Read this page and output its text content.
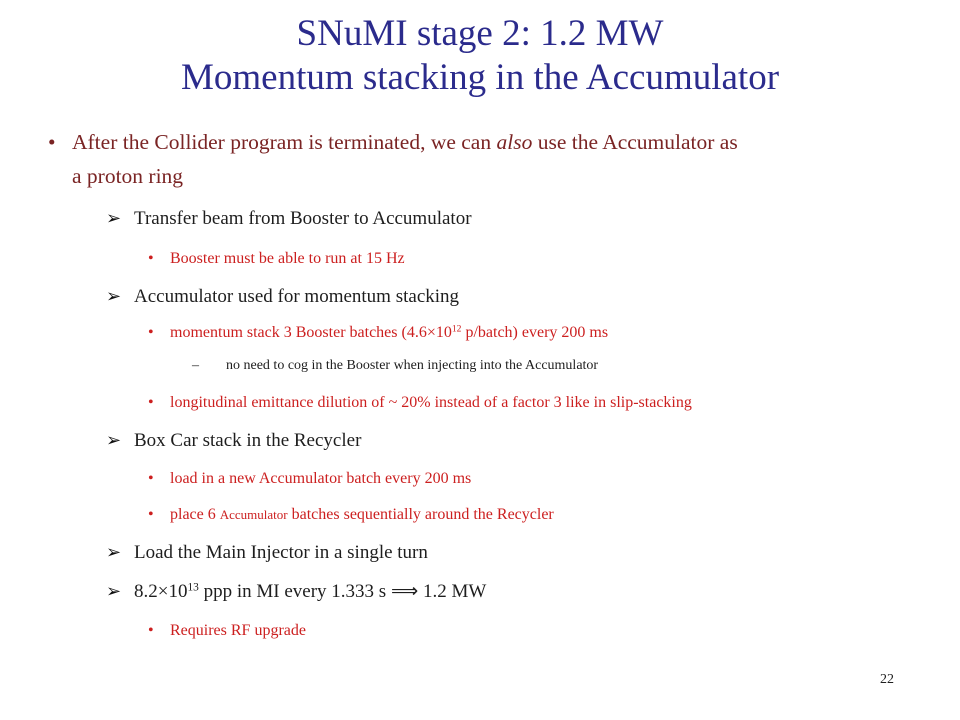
SNuMI stage 2: 1.2 MW
Momentum stacking in the Accumulator
• After the Collider program is terminated, we can also use the Accumulator as
a proton ring
➢ Transfer beam from Booster to Accumulator
• Booster must be able to run at 15 Hz
➢ Accumulator used for momentum stacking
• momentum stack 3 Booster batches ($4.6\times 10^{12}$ p/batch) every 200 ms
– no need to cog in the Booster when injecting into the Accumulator
• longitudinal emittance dilution of ~ 20% instead of a factor 3 like in slip-stacking
➢ Box Car stack in the Recycler
• load in a new Accumulator batch every 200 ms
• place 6 Accumulator batches sequentially around the Recycler
➢ Load the Main Injector in a single turn
➢ $8.2\times 10^{13}$ ppp in MI every 1.333 s ⟹ 1.2 MW
• Requires RF upgrade
22
